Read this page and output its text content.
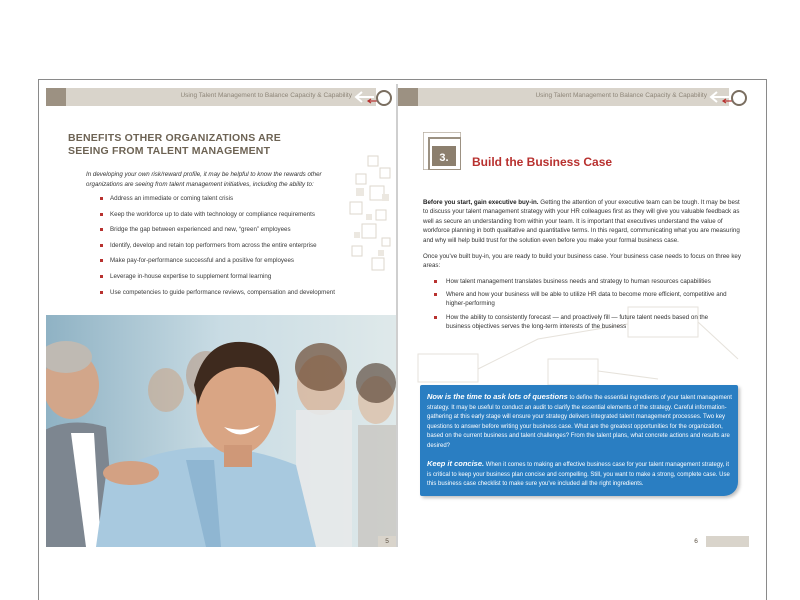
Using Talent Management to Balance Capacity & Capability
BENEFITS OTHER ORGANIZATIONS ARE SEEING FROM TALENT MANAGEMENT
In developing your own risk/reward profile, it may be helpful to know the rewards other organizations are seeing from talent management initiatives, including the ability to:
Address an immediate or coming talent crisis
Keep the workforce up to date with technology or compliance requirements
Bridge the gap between experienced and new, “green” employees
Identify, develop and retain top performers from across the entire enterprise
Make pay-for-performance successful and a positive for employees
Leverage in-house expertise to supplement formal learning
Use competencies to guide performance reviews, compensation and development
5
Using Talent Management to Balance Capacity & Capability
3. Build the Business Case
Before you start, gain executive buy-in. Getting the attention of your executive team can be tough. It may be best to discuss your talent management strategy with your HR colleagues first as they will give you valuable feedback as well as secure an understanding from within your team. It is important that executives understand the value of workforce planning in both qualitative and quantitative terms. In this regard, communicating what you are measuring and why will help build trust for the solution even before you make your formal business case.
Once you've built buy-in, you are ready to build your business case. Your business case needs to focus on three key areas:
How talent management translates business needs and strategy to human resources capabilities
Where and how your business will be able to utilize HR data to become more efficient, competitive and higher-performing
How the ability to consistently forecast — and proactively fill — future talent needs based on the business objectives serves the long-term interests of the business

Now is the time to ask lots of questions to define the essential ingredients of your talent management strategy. It may be useful to conduct an audit to clarify the essential elements of the strategy. Careful information-gathering at this early stage will ensure your strategy delivers integrated talent management processes. Two key questions to answer before writing your business case. What are the greatest opportunities for the organization, based on the current business and talent challenges? From the talent plans, what concrete actions and results are desired?

Keep it concise. When it comes to making an effective business case for your talent management strategy, it is critical to keep your business plan concise and compelling. Still, you want to make a strong, complete case. Use this business case checklist to make sure you've included all the right ingredients.

6
